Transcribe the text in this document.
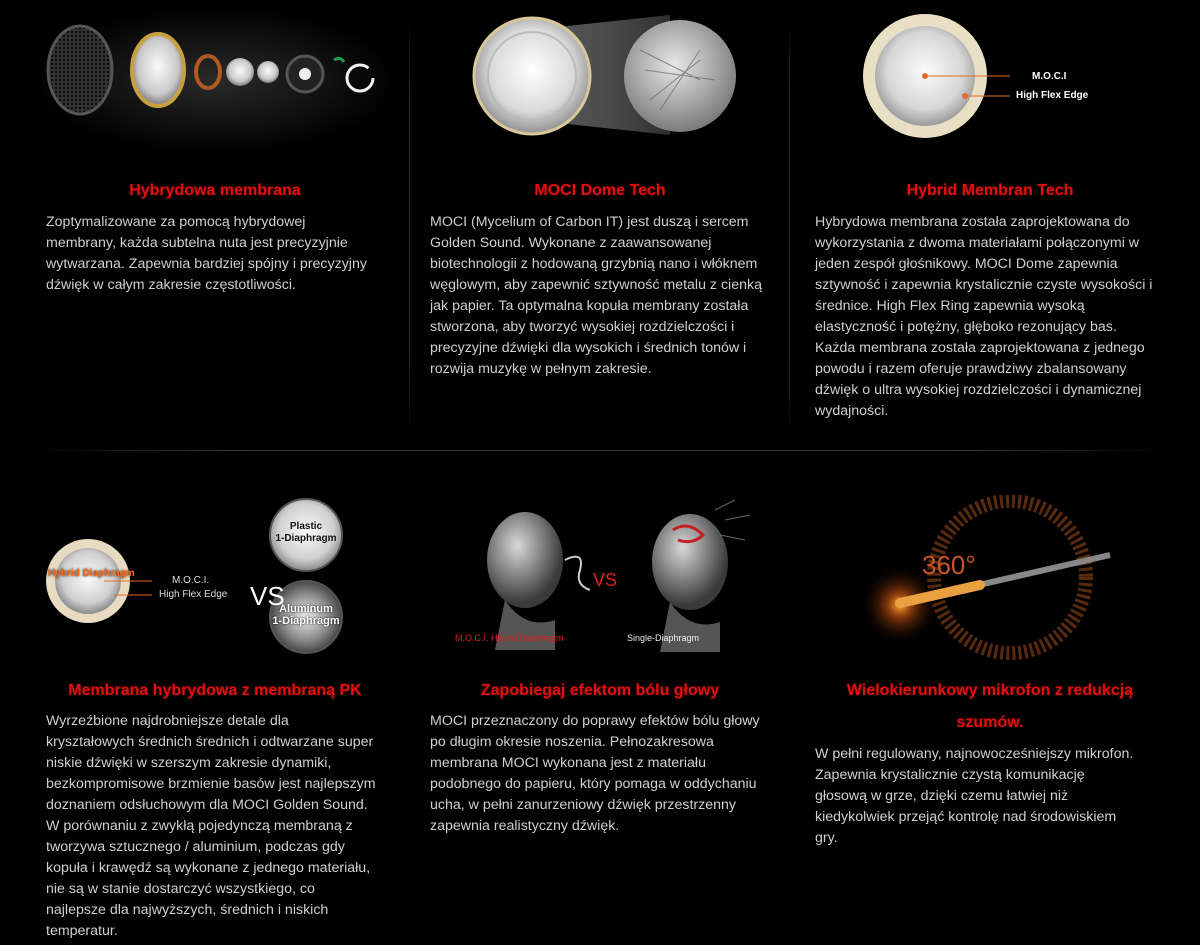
Hybrydowa membrana
Zoptymalizowane za pomocą hybrydowej membrany, każda subtelna nuta jest precyzyjnie wytwarzana. Zapewnia bardziej spójny i precyzyjny dźwięk w całym zakresie częstotliwości.
MOCI Dome Tech
MOCI (Mycelium of Carbon IT) jest duszą i sercem Golden Sound. Wykonane z zaawansowanej biotechnologii z hodowaną grzybnią nano i włóknem węglowym, aby zapewnić sztywność metalu z cienką jak papier. Ta optymalna kopuła membrany została stworzona, aby tworzyć wysokiej rozdzielczości i precyzyjne dźwięki dla wysokich i średnich tonów i rozwija muzykę w pełnym zakresie.
M.O.C.I
High Flex Edge
Hybrid Membran Tech
Hybrydowa membrana została zaprojektowana do wykorzystania z dwoma materiałami połączonymi w jeden zespół głośnikowy. MOCI Dome zapewnia sztywność i zapewnia krystalicznie czyste wysokości i średnice. High Flex Ring zapewnia wysoką elastyczność i potężny, głęboko rezonujący bas. Każda membrana została zaprojektowana z jednego powodu i razem oferuje prawdziwy zbalansowany dźwięk o ultra wysokiej rozdzielczości i dynamicznej wydajności.
Hybrid Diaphragm
M.O.C.I.
High Flex Edge VS
Plastic
1-Diaphragm
Aluminum
1-Diaphragm
Membrana hybrydowa z membraną PK
Wyrzeźbione najdrobniejsze detale dla kryształowych średnich średnich i odtwarzane super niskie dźwięki w szerszym zakresie dynamiki, bezkompromisowe brzmienie basów jest najlepszym doznaniem odsłuchowym dla MOCI Golden Sound. W porównaniu z zwykłą pojedynczą membraną z tworzywa sztucznego / aluminium, podczas gdy kopuła i krawędź są wykonane z jednego materiału, nie są w stanie dostarczyć wszystkiego, co najlepsze dla najwyższych, średnich i niskich temperatur.
M.O.C.I. Hybrid Diaphragm	Single-Diaphragm
VS
Zapobiegaj efektom bólu głowy
MOCI przeznaczony do poprawy efektów bólu głowy po długim okresie noszenia. Pełnozakresowa membrana MOCI wykonana jest z materiału podobnego do papieru, który pomaga w oddychaniu ucha, w pełni zanurzeniowy dźwięk przestrzenny zapewnia realistyczny dźwięk.
360°
Wielokierunkowy mikrofon z redukcją szumów.
W pełni regulowany, najnowocześniejszy mikrofon. Zapewnia krystalicznie czystą komunikację głosową w grze, dzięki czemu łatwiej niż kiedykolwiek przejąć kontrolę nad środowiskiem gry.
